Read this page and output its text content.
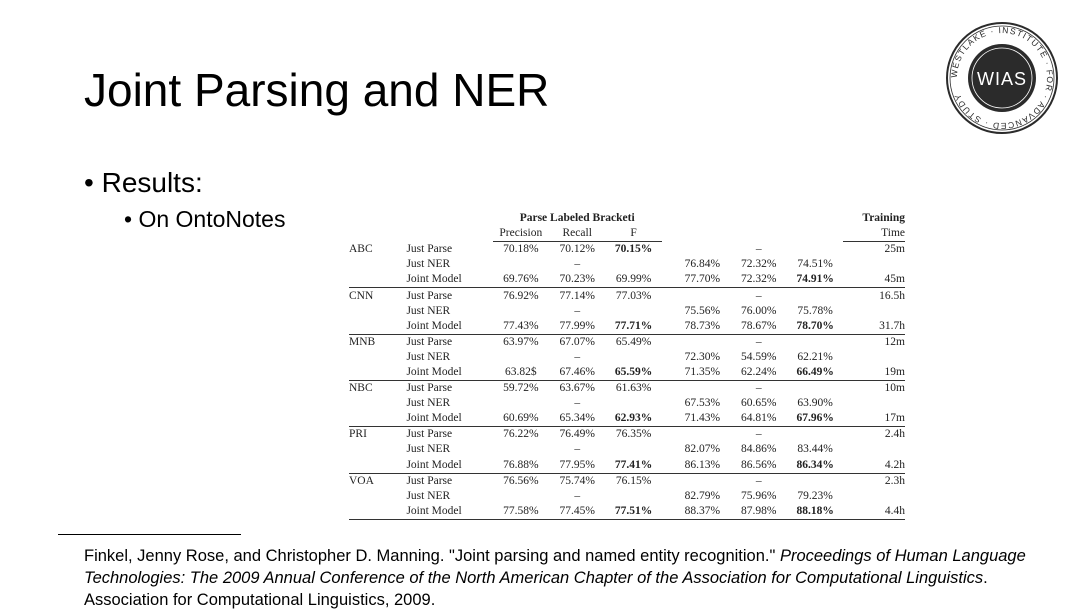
Joint Parsing and NER	WESTLAKE · INSTITUTE · FOR · ADVANCED · STUDY
WIAS
• Results:
• On OntoNotes
			Parse Labeled Bracketi							Training
		Precision	Recall	F					Time
ABC	Just Parse	70.18%	70.12%	70.15%			–		25m
	Just NER		–			76.84%	72.32%	74.51%	
	Joint Model	69.76%	70.23%	69.99%		77.70%	72.32%	74.91%	45m
CNN	Just Parse	76.92%	77.14%	77.03%			–		16.5h
	Just NER		–			75.56%	76.00%	75.78%	
	Joint Model	77.43%	77.99%	77.71%		78.73%	78.67%	78.70%	31.7h
MNB	Just Parse	63.97%	67.07%	65.49%			–		12m
	Just NER		–			72.30%	54.59%	62.21%	
	Joint Model	63.82$	67.46%	65.59%		71.35%	62.24%	66.49%	19m
NBC	Just Parse	59.72%	63.67%	61.63%			–		10m
	Just NER		–			67.53%	60.65%	63.90%	
	Joint Model	60.69%	65.34%	62.93%		71.43%	64.81%	67.96%	17m
PRI	Just Parse	76.22%	76.49%	76.35%			–		2.4h
	Just NER		–			82.07%	84.86%	83.44%	
	Joint Model	76.88%	77.95%	77.41%		86.13%	86.56%	86.34%	4.2h
VOA	Just Parse	76.56%	75.74%	76.15%			–		2.3h
	Just NER		–			82.79%	75.96%	79.23%	
	Joint Model	77.58%	77.45%	77.51%		88.37%	87.98%	88.18%	4.4h
Finkel, Jenny Rose, and Christopher D. Manning. "Joint parsing and named entity recognition." Proceedings of Human Language Technologies: The 2009 Annual Conference of the North American Chapter of the Association for Computational Linguistics. Association for Computational Linguistics, 2009.
